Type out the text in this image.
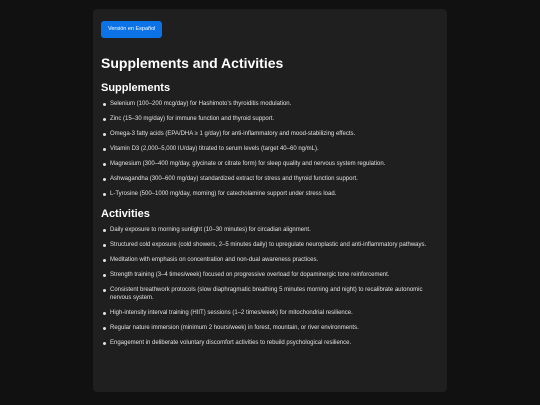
Versión en Español
Supplements and Activities
Supplements
Selenium (100–200 mcg/day) for Hashimoto’s thyroiditis modulation.
Zinc (15–30 mg/day) for immune function and thyroid support.
Omega-3 fatty acids (EPA/DHA ≥ 1 g/day) for anti-inflammatory and mood-stabilizing effects.
Vitamin D3 (2,000–5,000 IU/day) titrated to serum levels (target 40–60 ng/mL).
Magnesium (300–400 mg/day, glycinate or citrate form) for sleep quality and nervous system regulation.
Ashwagandha (300–600 mg/day) standardized extract for stress and thyroid function support.
L-Tyrosine (500–1000 mg/day, morning) for catecholamine support under stress load.
Activities
Daily exposure to morning sunlight (10–30 minutes) for circadian alignment.
Structured cold exposure (cold showers, 2–5 minutes daily) to upregulate neuroplastic and anti-inflammatory pathways.
Meditation with emphasis on concentration and non-dual awareness practices.
Strength training (3–4 times/week) focused on progressive overload for dopaminergic tone reinforcement.
Consistent breathwork protocols (slow diaphragmatic breathing 5 minutes morning and night) to recalibrate autonomic nervous system.
High-intensity interval training (HIIT) sessions (1–2 times/week) for mitochondrial resilience.
Regular nature immersion (minimum 2 hours/week) in forest, mountain, or river environments.
Engagement in deliberate voluntary discomfort activities to rebuild psychological resilience.
